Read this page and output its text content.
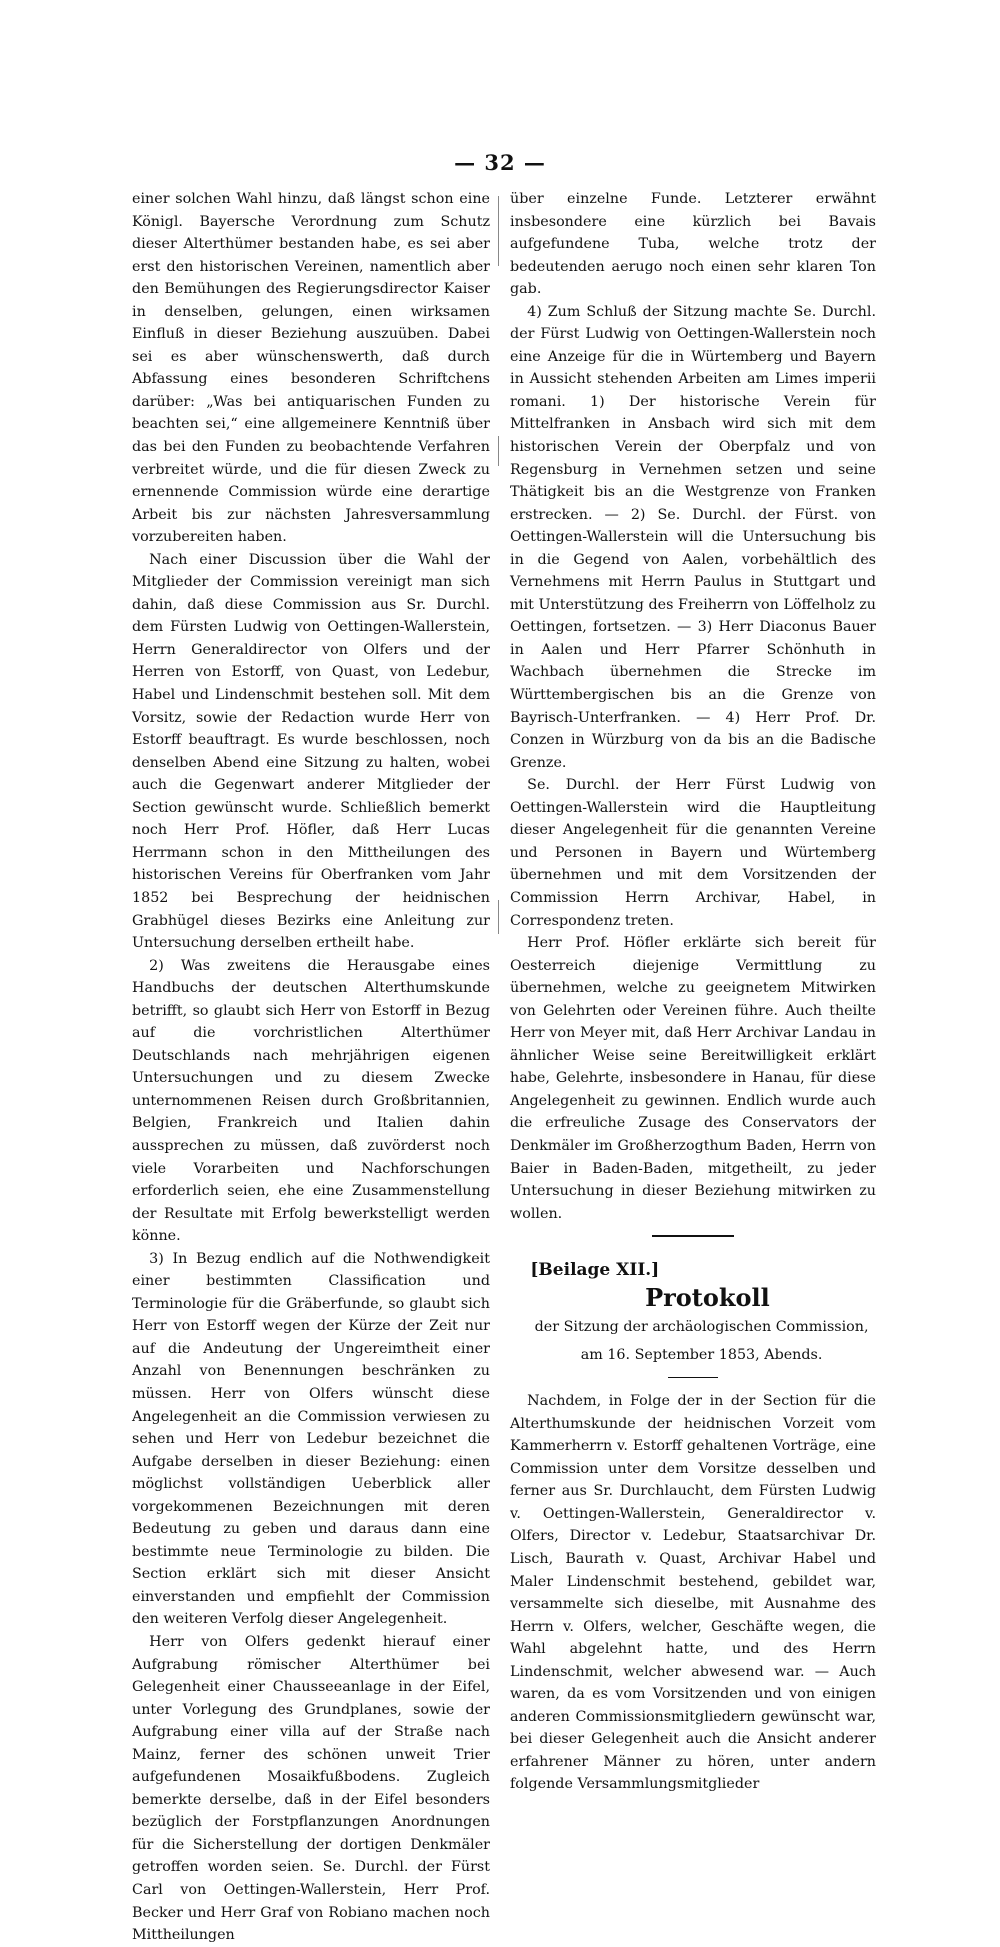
— 32 —

einer solchen Wahl hinzu, daß längst schon eine Königl. Bayersche Verordnung zum Schutz dieser Alterthümer bestanden habe, es sei aber erst den historischen Vereinen, namentlich aber den Bemühungen des Regierungsdirector Kaiser in denselben, gelungen, einen wirksamen Einfluß in dieser Beziehung auszuüben. Dabei sei es aber wünschenswerth, daß durch Abfassung eines besonderen Schriftchens darüber: „Was bei antiquarischen Funden zu beachten sei,“ eine allgemeinere Kenntniß über das bei den Funden zu beobachtende Verfahren verbreitet würde, und die für diesen Zweck zu ernennende Commission würde eine derartige Arbeit bis zur nächsten Jahresversammlung vorzubereiten haben.

Nach einer Discussion über die Wahl der Mitglieder der Commission vereinigt man sich dahin, daß diese Commission aus Sr. Durchl. dem Fürsten Ludwig von Oettingen-Wallerstein, Herrn Generaldirector von Olfers und der Herren von Estorff, von Quast, von Ledebur, Habel und Lindenschmit bestehen soll. Mit dem Vorsitz, sowie der Redaction wurde Herr von Estorff beauftragt. Es wurde beschlossen, noch denselben Abend eine Sitzung zu halten, wobei auch die Gegenwart anderer Mitglieder der Section gewünscht wurde. Schließlich bemerkt noch Herr Prof. Höfler, daß Herr Lucas Herrmann schon in den Mittheilungen des historischen Vereins für Oberfranken vom Jahr 1852 bei Besprechung der heidnischen Grabhügel dieses Bezirks eine Anleitung zur Untersuchung derselben ertheilt habe.

2) Was zweitens die Herausgabe eines Handbuchs der deutschen Alterthumskunde betrifft, so glaubt sich Herr von Estorff in Bezug auf die vorchristlichen Alterthümer Deutschlands nach mehrjährigen eigenen Untersuchungen und zu diesem Zwecke unternommenen Reisen durch Großbritannien, Belgien, Frankreich und Italien dahin aussprechen zu müssen, daß zuvörderst noch viele Vorarbeiten und Nachforschungen erforderlich seien, ehe eine Zusammenstellung der Resultate mit Erfolg bewerkstelligt werden könne.

3) In Bezug endlich auf die Nothwendigkeit einer bestimmten Classification und Terminologie für die Gräberfunde, so glaubt sich Herr von Estorff wegen der Kürze der Zeit nur auf die Andeutung der Ungereimtheit einer Anzahl von Benennungen beschränken zu müssen. Herr von Olfers wünscht diese Angelegenheit an die Commission verwiesen zu sehen und Herr von Ledebur bezeichnet die Aufgabe derselben in dieser Beziehung: einen möglichst vollständigen Ueberblick aller vorgekommenen Bezeichnungen mit deren Bedeutung zu geben und daraus dann eine bestimmte neue Terminologie zu bilden. Die Section erklärt sich mit dieser Ansicht einverstanden und empfiehlt der Commission den weiteren Verfolg dieser Angelegenheit.

Herr von Olfers gedenkt hierauf einer Aufgrabung römischer Alterthümer bei Gelegenheit einer Chausseeanlage in der Eifel, unter Vorlegung des Grundplanes, sowie der Aufgrabung einer villa auf der Straße nach Mainz, ferner des schönen unweit Trier aufgefundenen Mosaikfußbodens. Zugleich bemerkte derselbe, daß in der Eifel besonders bezüglich der Forstpflanzungen Anordnungen für die Sicherstellung der dortigen Denkmäler getroffen worden seien. Se. Durchl. der Fürst Carl von Oettingen-Wallerstein, Herr Prof. Becker und Herr Graf von Robiano machen noch Mittheilungen

über einzelne Funde. Letzterer erwähnt insbesondere eine kürzlich bei Bavais aufgefundene Tuba, welche trotz der bedeutenden aerugo noch einen sehr klaren Ton gab.

4) Zum Schluß der Sitzung machte Se. Durchl. der Fürst Ludwig von Oettingen-Wallerstein noch eine Anzeige für die in Würtemberg und Bayern in Aussicht stehenden Arbeiten am Limes imperii romani. 1) Der historische Verein für Mittelfranken in Ansbach wird sich mit dem historischen Verein der Oberpfalz und von Regensburg in Vernehmen setzen und seine Thätigkeit bis an die Westgrenze von Franken erstrecken. — 2) Se. Durchl. der Fürst. von Oettingen-Wallerstein will die Untersuchung bis in die Gegend von Aalen, vorbehältlich des Vernehmens mit Herrn Paulus in Stuttgart und mit Unterstützung des Freiherrn von Löffelholz zu Oettingen, fortsetzen. — 3) Herr Diaconus Bauer in Aalen und Herr Pfarrer Schönhuth in Wachbach übernehmen die Strecke im Württembergischen bis an die Grenze von Bayrisch-Unterfranken. — 4) Herr Prof. Dr. Conzen in Würzburg von da bis an die Badische Grenze.

Se. Durchl. der Herr Fürst Ludwig von Oettingen-Wallerstein wird die Hauptleitung dieser Angelegenheit für die genannten Vereine und Personen in Bayern und Würtemberg übernehmen und mit dem Vorsitzenden der Commission Herrn Archivar, Habel, in Correspondenz treten.

Herr Prof. Höfler erklärte sich bereit für Oesterreich diejenige Vermittlung zu übernehmen, welche zu geeignetem Mitwirken von Gelehrten oder Vereinen führe. Auch theilte Herr von Meyer mit, daß Herr Archivar Landau in ähnlicher Weise seine Bereitwilligkeit erklärt habe, Gelehrte, insbesondere in Hanau, für diese Angelegenheit zu gewinnen. Endlich wurde auch die erfreuliche Zusage des Conservators der Denkmäler im Großherzogthum Baden, Herrn von Baier in Baden-Baden, mitgetheilt, zu jeder Untersuchung in dieser Beziehung mitwirken zu wollen.

[Beilage XII.]

Protokoll

der Sitzung der archäologischen Commission,

am 16. September 1853, Abends.

Nachdem, in Folge der in der Section für die Alterthumskunde der heidnischen Vorzeit vom Kammerherrn v. Estorff gehaltenen Vorträge, eine Commission unter dem Vorsitze desselben und ferner aus Sr. Durchlaucht, dem Fürsten Ludwig v. Oettingen-Wallerstein, Generaldirector v. Olfers, Director v. Ledebur, Staatsarchivar Dr. Lisch, Baurath v. Quast, Archivar Habel und Maler Lindenschmit bestehend, gebildet war, versammelte sich dieselbe, mit Ausnahme des Herrn v. Olfers, welcher, Geschäfte wegen, die Wahl abgelehnt hatte, und des Herrn Lindenschmit, welcher abwesend war. — Auch waren, da es vom Vorsitzenden und von einigen anderen Commissionsmitgliedern gewünscht war, bei dieser Gelegenheit auch die Ansicht anderer erfahrener Männer zu hören, unter andern folgende Versammlungsmitglieder
